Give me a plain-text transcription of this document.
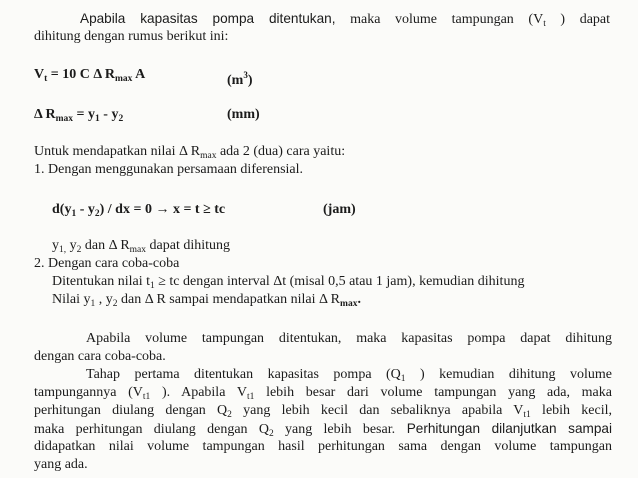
Apabila kapasitas pompa ditentukan, maka volume tampungan ($V_t$ ) dapat
dihitung dengan rumus berikut ini:
$V_t = 10$ C Δ $R_{max}$ A	$(m^3)$
Δ $R_{max} = y_1 - y_2$	(mm)
Untuk mendapatkan nilai Δ $R_{max}$ ada 2 (dua) cara yaitu:
1. Dengan menggunakan persamaan diferensial.
$d(y_1 - y_2)$ / dx = 0 → x = t ≥ tc	(jam)
$y_{1,}$ $y_2$ dan Δ $R_{max}$ dapat dihitung
2. Dengan cara coba-coba
Ditentukan nilai $t_1$ ≥ tc dengan interval Δt (misal 0,5 atau 1 jam), kemudian dihitung
Nilai $y_1$ , $y_2$ dan Δ R sampai mendapatkan nilai Δ $R_{max}$.
Apabila volume tampungan ditentukan, maka kapasitas pompa dapat dihitung
dengan cara coba-coba.
Tahap pertama ditentukan kapasitas pompa ($Q_1$ ) kemudian dihitung volume
tampungannya ($V_{t1}$ ). Apabila $V_{t1}$ lebih besar dari volume tampungan yang ada, maka
perhitungan diulang dengan $Q_2$ yang lebih kecil dan sebaliknya apabila $V_{t1}$ lebih kecil,
maka perhitungan diulang dengan $Q_2$ yang lebih besar. Perhitungan dilanjutkan sampai
didapatkan nilai volume tampungan hasil perhitungan sama dengan volume tampungan
yang ada.
